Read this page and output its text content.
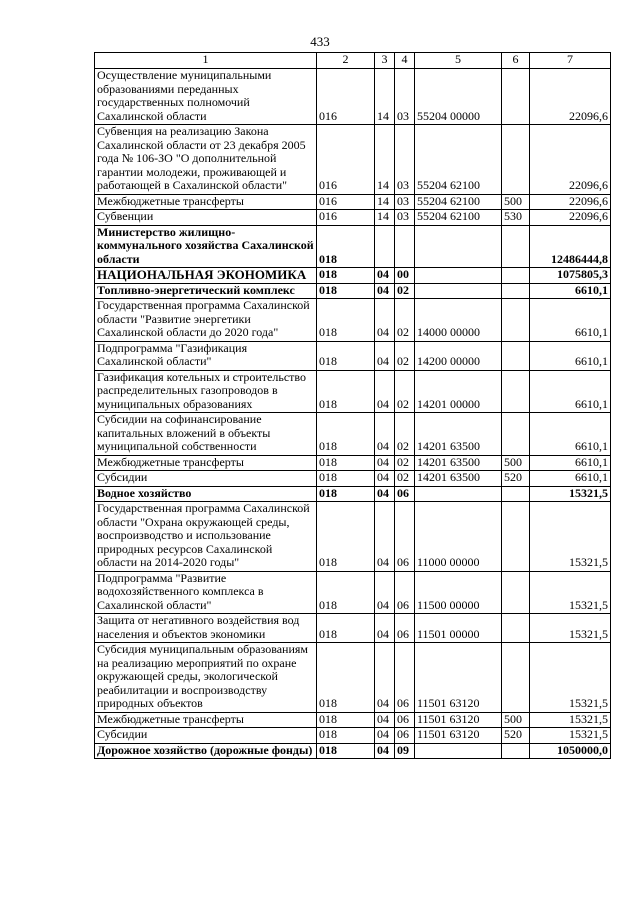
433
1	2	3	4	5	6	7
Осуществление муниципальными образованиями переданных государственных полномочий Сахалинской области	016	14	03	55204 00000		22096,6
Субвенция на реализацию Закона Сахалинской области от 23 декабря 2005 года № 106-ЗО "О дополнительной гарантии молодежи, проживающей и работающей в Сахалинской области"	016	14	03	55204 62100		22096,6
Межбюджетные трансферты	016	14	03	55204 62100	500	22096,6
Субвенции	016	14	03	55204 62100	530	22096,6
Министерство жилищно-коммунального хозяйства Сахалинской области	018					12486444,8
НАЦИОНАЛЬНАЯ ЭКОНОМИКА	018	04	00			1075805,3
Топливно-энергетический комплекс	018	04	02			6610,1
Государственная программа Сахалинской области "Развитие энергетики Сахалинской области до 2020 года"	018	04	02	14000 00000		6610,1
Подпрограмма "Газификация Сахалинской области"	018	04	02	14200 00000		6610,1
Газификация котельных и строительство распределительных газопроводов в муниципальных образованиях	018	04	02	14201 00000		6610,1
Субсидии на софинансирование капитальных вложений в объекты муниципальной собственности	018	04	02	14201 63500		6610,1
Межбюджетные трансферты	018	04	02	14201 63500	500	6610,1
Субсидии	018	04	02	14201 63500	520	6610,1
Водное хозяйство	018	04	06			15321,5
Государственная программа Сахалинской области "Охрана окружающей среды, воспроизводство и использование природных ресурсов Сахалинской области на 2014-2020 годы"	018	04	06	11000 00000		15321,5
Подпрограмма "Развитие водохозяйственного комплекса в Сахалинской области"	018	04	06	11500 00000		15321,5
Защита от негативного воздействия вод населения и объектов экономики	018	04	06	11501 00000		15321,5
Субсидия муниципальным образованиям на реализацию мероприятий по охране окружающей среды, экологической реабилитации и воспроизводству природных объектов	018	04	06	11501 63120		15321,5
Межбюджетные трансферты	018	04	06	11501 63120	500	15321,5
Субсидии	018	04	06	11501 63120	520	15321,5
Дорожное хозяйство (дорожные фонды)	018	04	09			1050000,0
